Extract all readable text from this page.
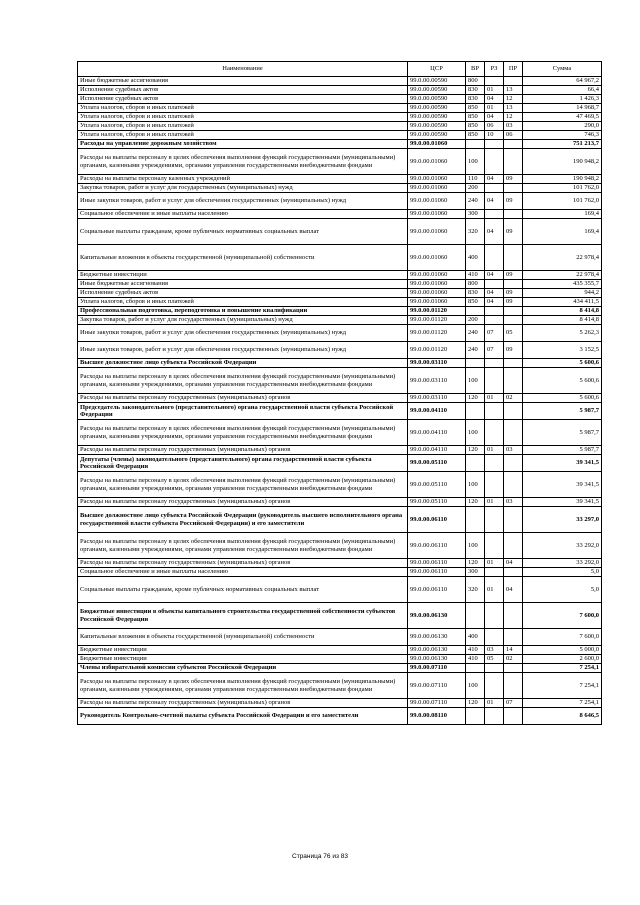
Наименование	ЦСР	ВР	РЗ	ПР	Сумма
Иные бюджетные ассигнования	99.0.00.00590	800			64 967,2
Исполнение судебных актов	99.0.00.00590	830	01	13	66,4
Исполнение судебных актов	99.0.00.00590	830	04	12	1 426,3
Уплата налогов, сборов и иных платежей	99.0.00.00590	850	01	13	14 968,7
Уплата налогов, сборов и иных платежей	99.0.00.00590	850	04	12	47 469,5
Уплата налогов, сборов и иных платежей	99.0.00.00590	850	06	03	290,0
Уплата налогов, сборов и иных платежей	99.0.00.00590	850	10	06	746,3
Расходы на управление дорожным хозяйством	99.0.00.01060				751 213,7
Расходы на выплаты персоналу в целях обеспечения выполнения функций государственными (муниципальными) органами, казенными учреждениями, органами управления государственными внебюджетными фондами	99.0.00.01060	100			190 948,2
Расходы на выплаты персоналу казенных учреждений	99.0.00.01060	110	04	09	190 948,2
Закупка товаров, работ и услуг для государственных (муниципальных) нужд	99.0.00.01060	200			101 762,0
Иные закупки товаров, работ и услуг для обеспечения государственных (муниципальных) нужд	99.0.00.01060	240	04	09	101 762,0
Социальное обеспечение и иные выплаты населению	99.0.00.01060	300			169,4
Социальные выплаты гражданам, кроме публичных нормативных социальных выплат	99.0.00.01060	320	04	09	169,4
Капитальные вложения в объекты государственной (муниципальной) собственности	99.0.00.01060	400			22 978,4
Бюджетные инвестиции	99.0.00.01060	410	04	09	22 978,4
Иные бюджетные ассигнования	99.0.00.01060	800			435 355,7
Исполнение судебных актов	99.0.00.01060	830	04	09	944,2
Уплата налогов, сборов и иных платежей	99.0.00.01060	850	04	09	434 411,5
Профессиональная подготовка, переподготовка и повышение квалификации	99.0.00.01120				8 414,8
Закупка товаров, работ и услуг для государственных (муниципальных) нужд	99.0.00.01120	200			8 414,8
Иные закупки товаров, работ и услуг для обеспечения государственных (муниципальных) нужд	99.0.00.01120	240	07	05	5 262,3
Иные закупки товаров, работ и услуг для обеспечения государственных (муниципальных) нужд	99.0.00.01120	240	07	09	3 152,5
Высшее должностное лицо субъекта Российской Федерации	99.0.00.03110				5 600,6
Расходы на выплаты персоналу в целях обеспечения выполнения функций государственными (муниципальными) органами, казенными учреждениями, органами управления государственными внебюджетными фондами	99.0.00.03110	100			5 600,6
Расходы на выплаты персоналу государственных (муниципальных) органов	99.0.00.03110	120	01	02	5 600,6
Председатель законодательного (представительного) органа государственной власти субъекта Российской Федерации	99.0.00.04110				5 987,7
Расходы на выплаты персоналу в целях обеспечения выполнения функций государственными (муниципальными) органами, казенными учреждениями, органами управления государственными внебюджетными фондами	99.0.00.04110	100			5 987,7
Расходы на выплаты персоналу государственных (муниципальных) органов	99.0.00.04110	120	01	03	5 987,7
Депутаты (члены) законодательного (представительного) органа государственной власти субъекта Российской Федерации	99.0.00.05110				39 341,5
Расходы на выплаты персоналу в целях обеспечения выполнения функций государственными (муниципальными) органами, казенными учреждениями, органами управления государственными внебюджетными фондами	99.0.00.05110	100			39 341,5
Расходы на выплаты персоналу государственных (муниципальных) органов	99.0.00.05110	120	01	03	39 341,5
Высшее должностное лицо субъекта Российской Федерации (руководитель высшего исполнительного органа государственной власти субъекта Российской Федерации) и его заместители	99.0.00.06110				33 297,0
Расходы на выплаты персоналу в целях обеспечения выполнения функций государственными (муниципальными) органами, казенными учреждениями, органами управления государственными внебюджетными фондами	99.0.00.06110	100			33 292,0
Расходы на выплаты персоналу государственных (муниципальных) органов	99.0.00.06110	120	01	04	33 292,0
Социальное обеспечение и иные выплаты населению	99.0.00.06110	300			5,0
Социальные выплаты гражданам, кроме публичных нормативных социальных выплат	99.0.00.06110	320	01	04	5,0
Бюджетные инвестиции в объекты капитального строительства государственной собственности субъектов Российской Федерации	99.0.00.06130				7 600,0
Капитальные вложения в объекты государственной (муниципальной) собственности	99.0.00.06130	400			7 600,0
Бюджетные инвестиции	99.0.00.06130	410	03	14	5 000,0
Бюджетные инвестиции	99.0.00.06130	410	05	02	2 600,0
Члены избирательной комиссии субъектов Российской Федерации	99.0.00.07110				7 254,1
Расходы на выплаты персоналу в целях обеспечения выполнения функций государственными (муниципальными) органами, казенными учреждениями, органами управления государственными внебюджетными фондами	99.0.00.07110	100			7 254,1
Расходы на выплаты персоналу государственных (муниципальных) органов	99.0.00.07110	120	01	07	7 254,1
Руководитель Контрольно-счетной палаты субъекта Российской Федерации и его заместители	99.0.00.08110				8 646,5
Страница 76 из 83
